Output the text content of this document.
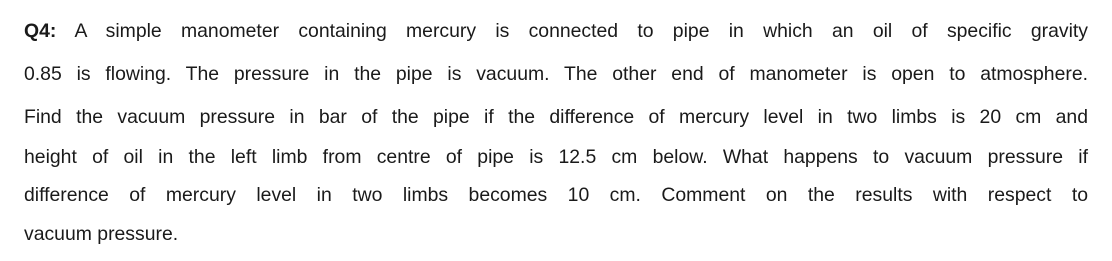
Q4: A simple manometer containing mercury is connected to pipe in which an oil of specific gravity
0.85 is flowing. The pressure in the pipe is vacuum. The other end of manometer is open to atmosphere.
Find the vacuum pressure in bar of the pipe if the difference of mercury level in two limbs is 20 cm and
height of oil in the left limb from centre of pipe is 12.5 cm below. What happens to vacuum pressure if
difference of mercury level in two limbs becomes 10 cm. Comment on the results with respect to
vacuum pressure.
